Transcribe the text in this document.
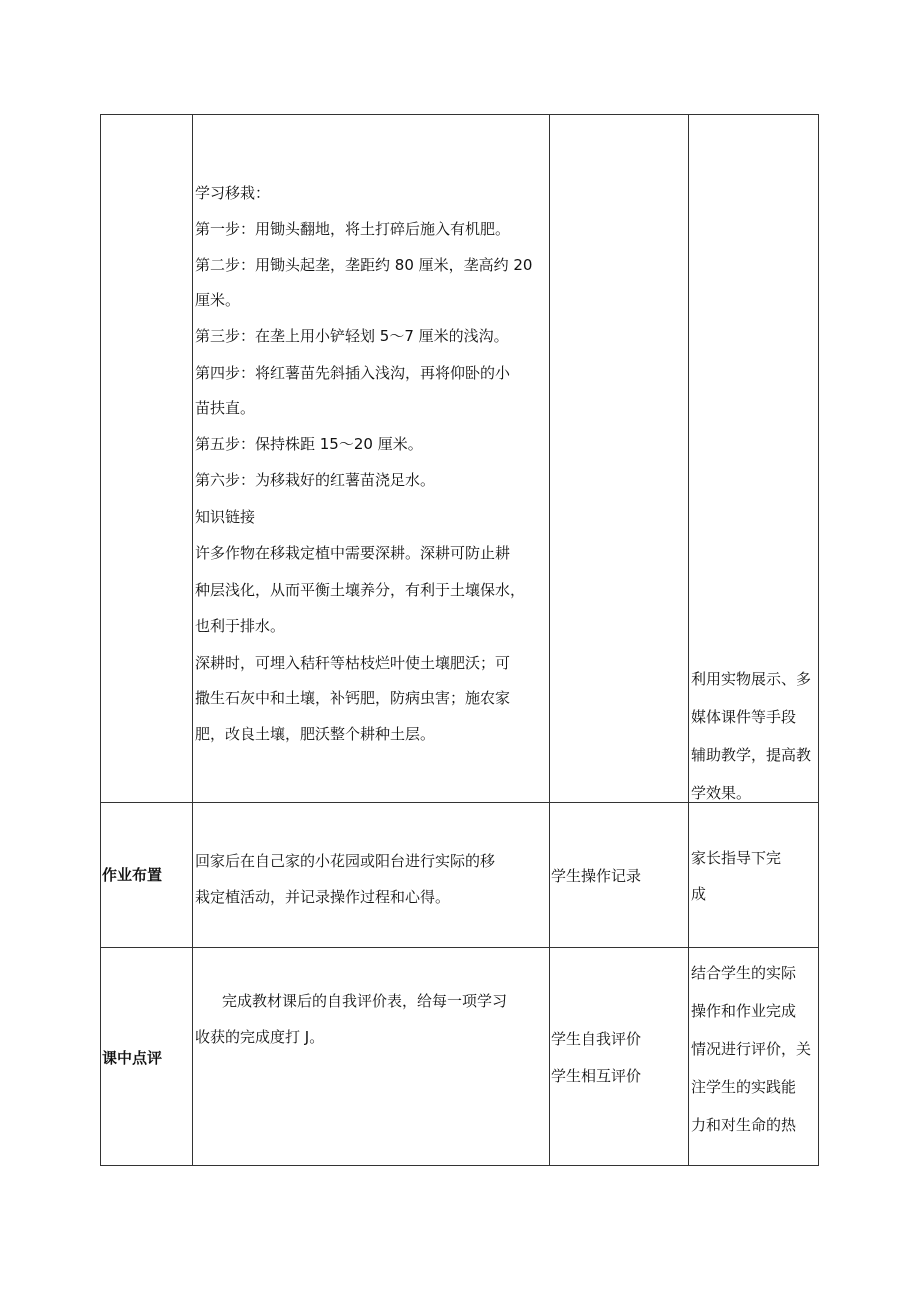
学习移栽：
第一步：用锄头翻地，将土打碎后施入有机肥。
第二步：用锄头起垄，垄距约 80 厘米，垄高约 20
厘米。
第三步：在垄上用小铲轻划 5～7 厘米的浅沟。
第四步：将红薯苗先斜插入浅沟，再将仰卧的小
苗扶直。
第五步：保持株距 15～20 厘米。
第六步：为移栽好的红薯苗浇足水。
知识链接
许多作物在移栽定植中需要深耕。深耕可防止耕
种层浅化，从而平衡土壤养分，有利于土壤保水，
也利于排水。
深耕时，可埋入秸秆等枯枝烂叶使土壤肥沃；可
撒生石灰中和土壤，补钙肥，防病虫害；施农家
肥，改良土壤，肥沃整个耕种土层。
利用实物展示、多
媒体课件等手段
辅助教学，提高教
学效果。
作业布置
回家后在自己家的小花园或阳台进行实际的移
栽定植活动，并记录操作过程和心得。
学生操作记录
家长指导下完
成
课中点评
完成教材课后的自我评价表，给每一项学习
收获的完成度打 J。	学生自我评价
学生相互评价
结合学生的实际
操作和作业完成
情况进行评价，关
注学生的实践能
力和对生命的热
